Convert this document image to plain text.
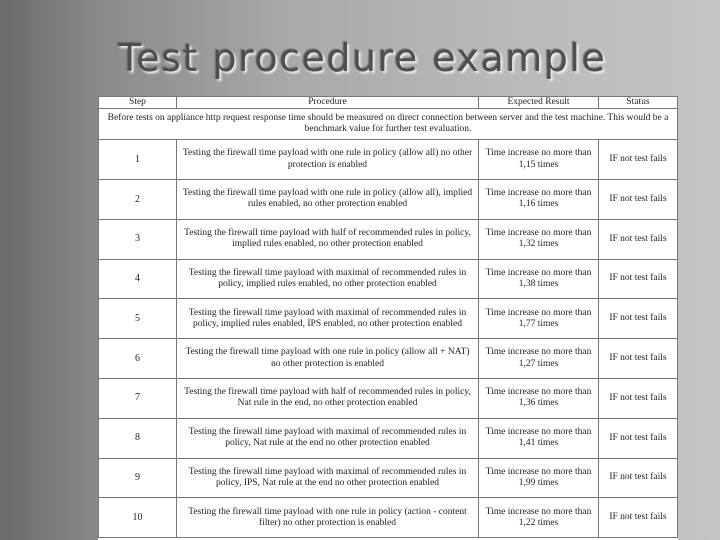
Test procedure example
Step	Procedure	Expected Result	Status
Before tests on appliance http request response time should be measured on direct connection between server and the test machine. This would be a benchmark value for further test evaluation.			
1	Testing the firewall time payload with one rule in policy (allow all) no other protection is enabled	Time increase no more than 1,15 times	IF not test fails
2	Testing the firewall time payload with one rule in policy (allow all), implied rules enabled, no other protection enabled	Time increase no more than 1,16 times	IF not test fails
3	Testing the firewall time payload with half of recommended rules in policy, implied rules enabled, no other protection enabled	Time increase no more than 1,32 times	IF not test fails
4	Testing the firewall time payload with maximal of recommended rules in policy, implied rules enabled, no other protection enabled	Time increase no more than 1,38 times	IF not test fails
5	Testing the firewall time payload with maximal of recommended rules in policy, implied rules enabled, IPS enabled, no other protection enabled	Time increase no more than 1,77 times	IF not test fails
6	Testing the firewall time payload with one rule in policy (allow all + NAT) no other protection is enabled	Time increase no more than 1,27 times	IF not test fails
7	Testing the firewall time payload with half of recommended rules in policy, Nat rule in the end, no other protection enabled	Time increase no more than 1,36 times	IF not test fails
8	Testing the firewall time payload with maximal of recommended rules in policy, Nat rule at the end no other protection enabled	Time increase no more than 1,41 times	IF not test fails
9	Testing the firewall time payload with maximal of recommended rules in policy, IPS, Nat rule at the end no other protection enabled	Time increase no more than 1,99 times	IF not test fails
10	Testing the firewall time payload with one rule in policy (action - content filter) no other protection is enabled	Time increase no more than 1,22 times	IF not test fails
